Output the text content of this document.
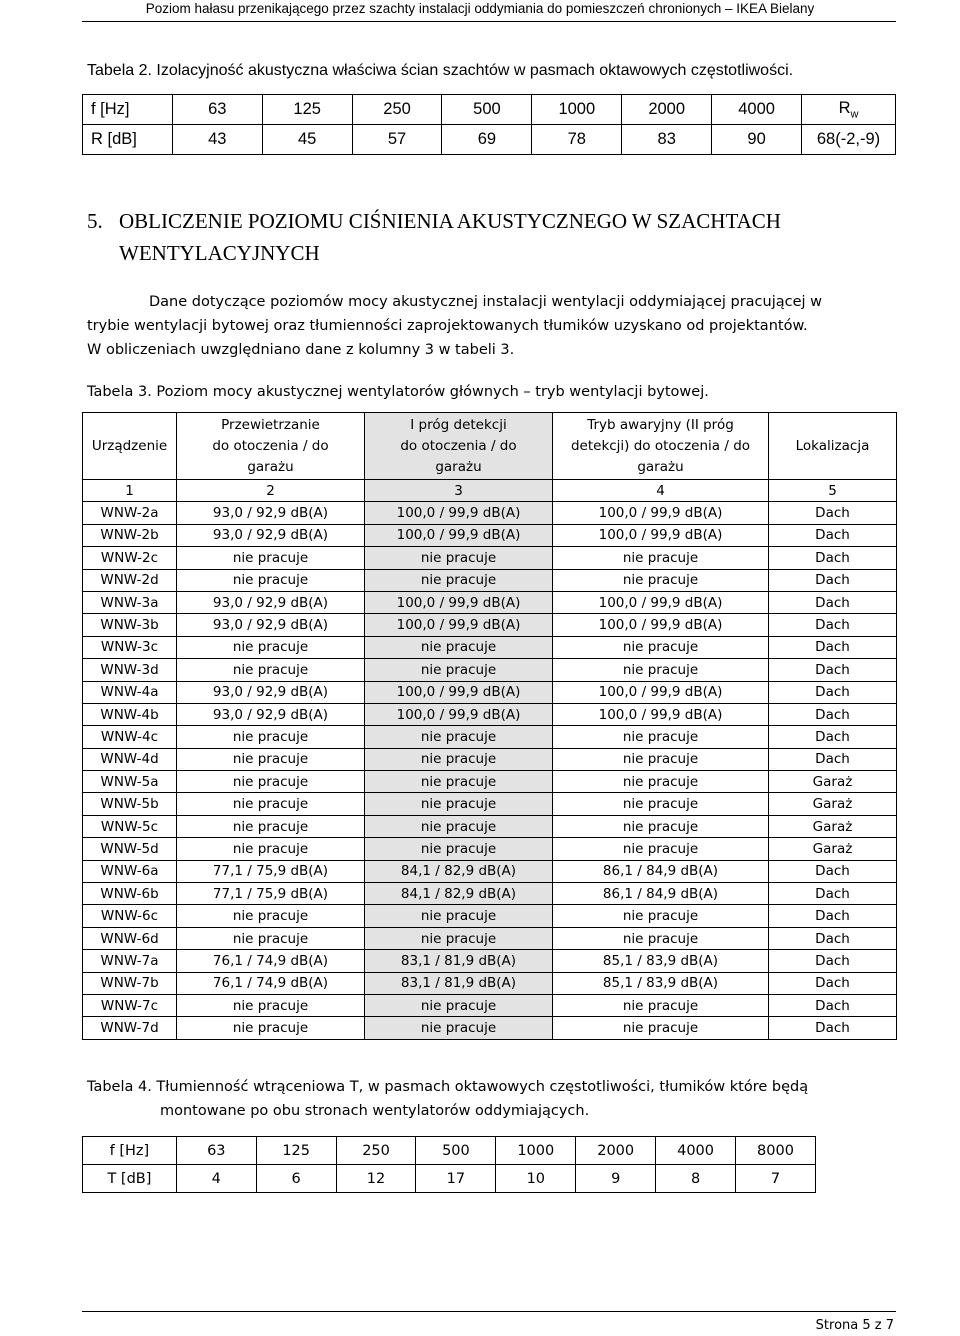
Poziom hałasu przenikającego przez szachty instalacji oddymiania do pomieszczeń chronionych – IKEA Bielany
Tabela 2. Izolacyjność akustyczna właściwa ścian szachtów w pasmach oktawowych częstotliwości.
f [Hz]	63	125	250	500	1000	2000	4000	$R_w$
R [dB]	43	45	57	69	78	83	90	68(-2,-9)
5. OBLICZENIE POZIOMU CIŚNIENIA AKUSTYCZNEGO W SZACHTACH
WENTYLACYJNYCH
Dane dotyczące poziomów mocy akustycznej instalacji wentylacji oddymiającej pracującej w
trybie wentylacji bytowej oraz tłumienności zaprojektowanych tłumików uzyskano od projektantów.
W obliczeniach uwzględniano dane z kolumny 3 w tabeli 3.
Tabela 3. Poziom mocy akustycznej wentylatorów głównych – tryb wentylacji bytowej.
Urządzenie	Przewietrzanie
do otoczenia / do
garażu	I próg detekcji
do otoczenia / do
garażu	Tryb awaryjny (II próg
detekcji) do otoczenia / do
garażu	Lokalizacja
1	2	3	4	5
WNW-2a	93,0 / 92,9 dB(A)	100,0 / 99,9 dB(A)	100,0 / 99,9 dB(A)	Dach
WNW-2b	93,0 / 92,9 dB(A)	100,0 / 99,9 dB(A)	100,0 / 99,9 dB(A)	Dach
WNW-2c	nie pracuje	nie pracuje	nie pracuje	Dach
WNW-2d	nie pracuje	nie pracuje	nie pracuje	Dach
WNW-3a	93,0 / 92,9 dB(A)	100,0 / 99,9 dB(A)	100,0 / 99,9 dB(A)	Dach
WNW-3b	93,0 / 92,9 dB(A)	100,0 / 99,9 dB(A)	100,0 / 99,9 dB(A)	Dach
WNW-3c	nie pracuje	nie pracuje	nie pracuje	Dach
WNW-3d	nie pracuje	nie pracuje	nie pracuje	Dach
WNW-4a	93,0 / 92,9 dB(A)	100,0 / 99,9 dB(A)	100,0 / 99,9 dB(A)	Dach
WNW-4b	93,0 / 92,9 dB(A)	100,0 / 99,9 dB(A)	100,0 / 99,9 dB(A)	Dach
WNW-4c	nie pracuje	nie pracuje	nie pracuje	Dach
WNW-4d	nie pracuje	nie pracuje	nie pracuje	Dach
WNW-5a	nie pracuje	nie pracuje	nie pracuje	Garaż
WNW-5b	nie pracuje	nie pracuje	nie pracuje	Garaż
WNW-5c	nie pracuje	nie pracuje	nie pracuje	Garaż
WNW-5d	nie pracuje	nie pracuje	nie pracuje	Garaż
WNW-6a	77,1 / 75,9 dB(A)	84,1 / 82,9 dB(A)	86,1 / 84,9 dB(A)	Dach
WNW-6b	77,1 / 75,9 dB(A)	84,1 / 82,9 dB(A)	86,1 / 84,9 dB(A)	Dach
WNW-6c	nie pracuje	nie pracuje	nie pracuje	Dach
WNW-6d	nie pracuje	nie pracuje	nie pracuje	Dach
WNW-7a	76,1 / 74,9 dB(A)	83,1 / 81,9 dB(A)	85,1 / 83,9 dB(A)	Dach
WNW-7b	76,1 / 74,9 dB(A)	83,1 / 81,9 dB(A)	85,1 / 83,9 dB(A)	Dach
WNW-7c	nie pracuje	nie pracuje	nie pracuje	Dach
WNW-7d	nie pracuje	nie pracuje	nie pracuje	Dach
Tabela 4. Tłumienność wtrąceniowa T, w pasmach oktawowych częstotliwości, tłumików które będą
montowane po obu stronach wentylatorów oddymiających.
f [Hz]	63	125	250	500	1000	2000	4000	8000
T [dB]	4	6	12	17	10	9	8	7
Strona 5 z 7
